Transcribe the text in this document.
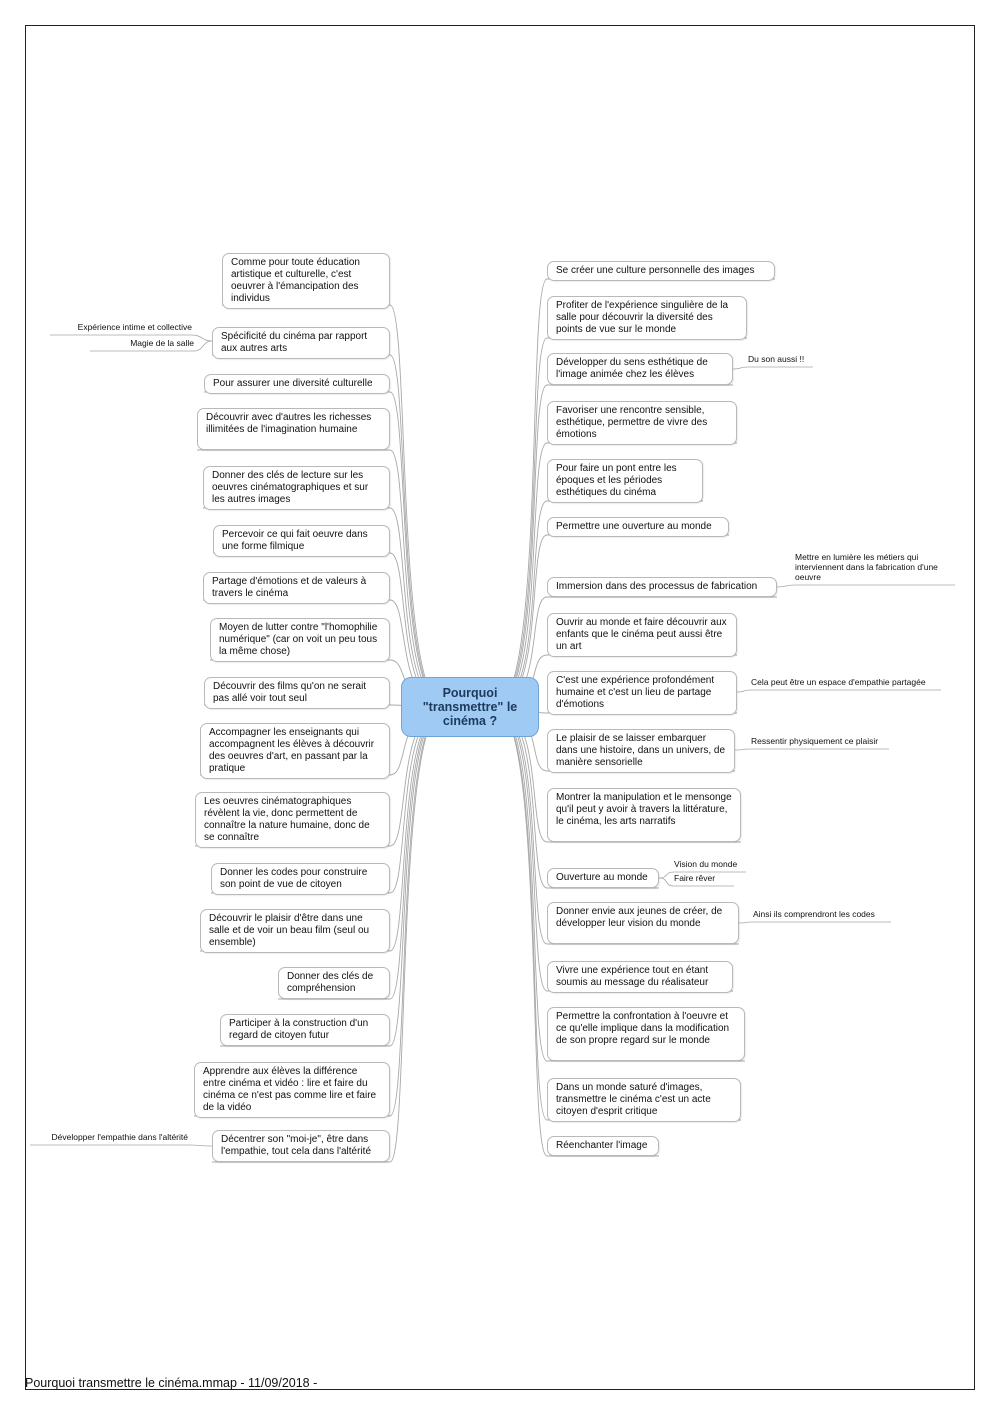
Pourquoi "transmettre" le cinéma ?
Comme pour toute éducation artistique et culturelle, c'est oeuvrer à l'émancipation des individus
Spécificité du cinéma par rapport aux autres arts
Pour assurer une diversité culturelle
Découvrir avec d'autres les richesses illimitées de l'imagination humaine
Donner des clés de lecture sur les oeuvres cinématographiques et sur les autres images
Percevoir ce qui fait oeuvre dans une forme filmique
Partage d'émotions et de valeurs à travers le cinéma
Moyen de lutter contre "l'homophilie numérique" (car on voit un peu tous la même chose)
Découvrir des films qu'on ne serait pas allé voir tout seul
Accompagner les enseignants qui accompagnent les élèves à découvrir des oeuvres d'art, en passant par la pratique
Les oeuvres cinématographiques révèlent la vie, donc permettent de connaître la nature humaine, donc de se connaître
Donner les codes pour construire son point de vue de citoyen
Découvrir le plaisir d'être dans une salle et de voir un beau film (seul ou ensemble)
Donner des clés de compréhension
Participer à la construction d'un regard de citoyen futur
Apprendre aux élèves la différence entre cinéma et vidéo : lire et faire du cinéma ce n'est pas comme lire et faire de la vidéo
Décentrer son "moi-je", être dans l'empathie, tout cela dans l'altérité
Se créer une culture personnelle des images
Profiter de l'expérience singulière de la salle pour découvrir la diversité des points de vue sur le monde
Développer du sens esthétique de l'image animée chez les élèves
Favoriser une rencontre sensible, esthétique, permettre de vivre des émotions
Pour faire un pont entre les époques et les périodes esthétiques du cinéma
Permettre une ouverture au monde
Immersion dans des processus de fabrication
Ouvrir au monde et faire découvrir aux enfants que le cinéma peut aussi être un art
C'est une expérience profondément humaine et c'est un lieu de partage d'émotions
Le plaisir de se laisser embarquer dans une histoire, dans un univers, de manière sensorielle
Montrer la manipulation et le mensonge qu'il peut y avoir à travers la littérature, le cinéma, les arts narratifs
Ouverture au monde
Donner envie aux jeunes de créer, de développer leur vision du monde
Vivre une expérience tout en étant soumis au message du réalisateur
Permettre la confrontation à l'oeuvre et ce qu'elle implique dans la modification de son propre regard sur le monde
Dans un monde saturé d'images, transmettre le cinéma c'est un acte citoyen d'esprit critique
Réenchanter l'image
Expérience intime et collective
Magie de la salle
Développer l'empathie dans l'altérité
Du son aussi !!
Mettre en lumière les métiers qui interviennent dans la fabrication d'une oeuvre
Cela peut être un espace d'empathie partagée
Ressentir physiquement ce plaisir
Vision du monde
Faire rêver
Ainsi ils comprendront les codes
Pourquoi transmettre le cinéma.mmap - 11/09/2018 -
